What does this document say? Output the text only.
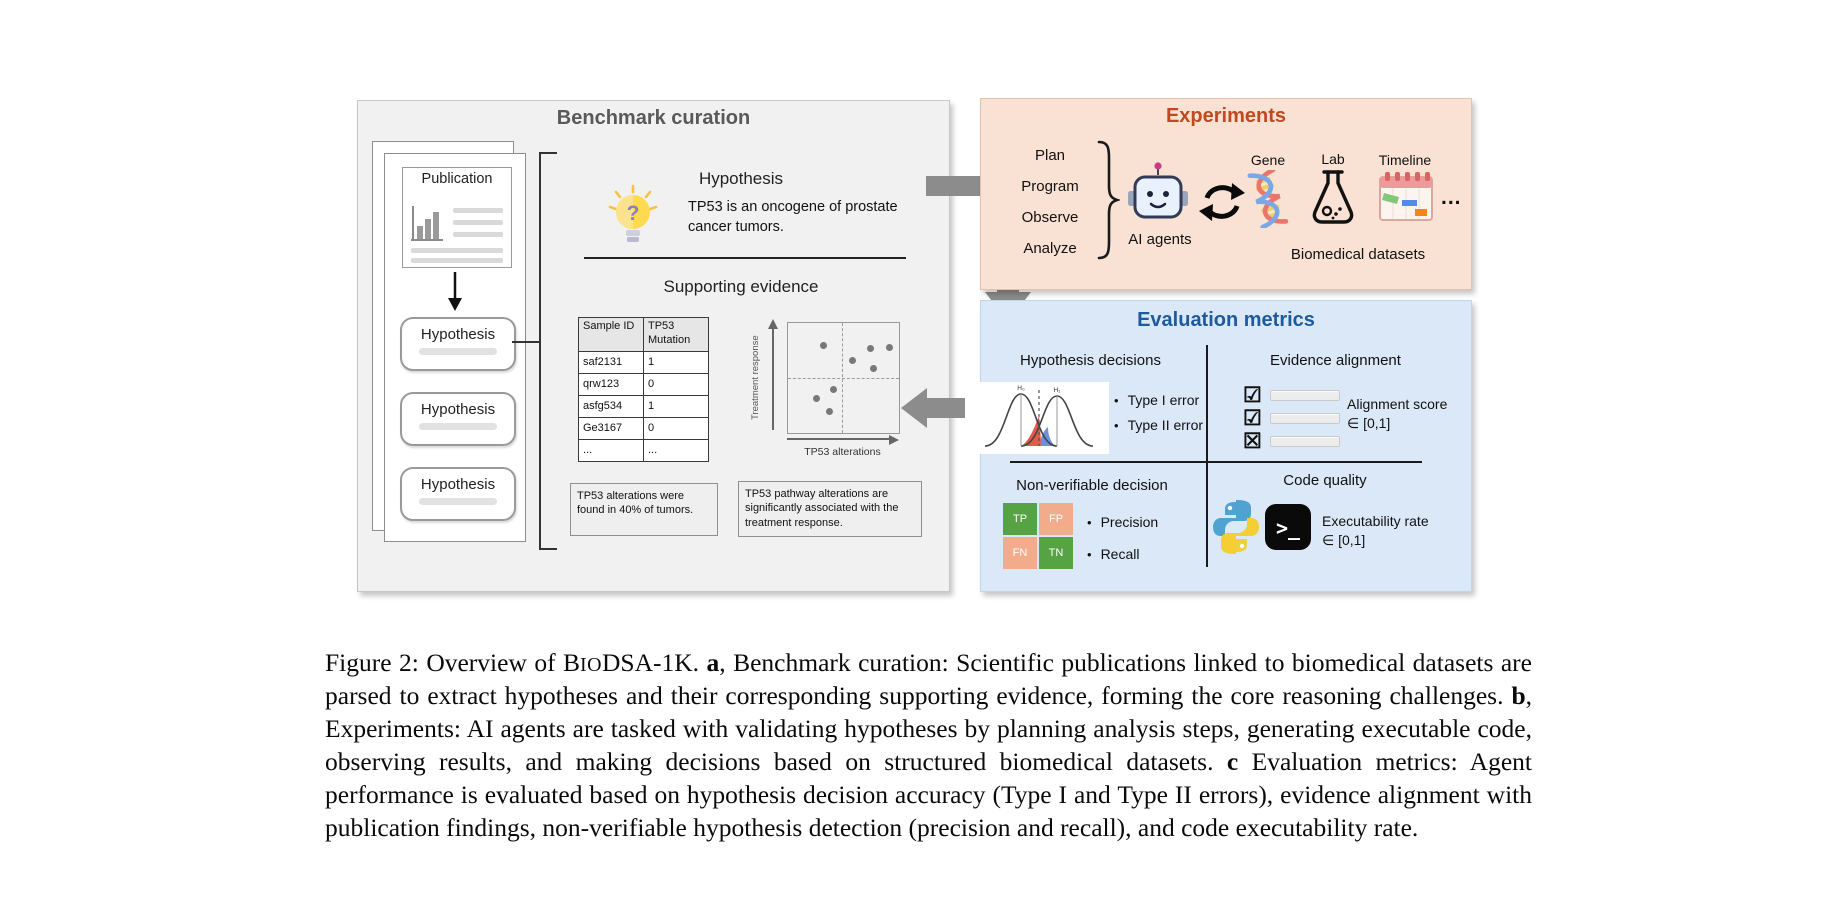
Benchmark curation
Publication
Hypothesis
Hypothesis
Hypothesis
Hypothesis
?	TP53 is an oncogene of prostate cancer tumors.
Supporting evidence
Sample ID	TP53 Mutation
saf2131	1
qrw123	0
asfg534	1
Ge3167	0
...	...
Treatment response
TP53 alterations
TP53 alterations were found in 40% of tumors.
TP53 pathway alterations are significantly associated with the treatment response.
Experiments
Plan
Program
Observe
Analyze
AI agents
Gene	Lab	Timeline
...
Biomedical datasets
Evaluation metrics
Hypothesis decisions
H₀	H₁
• Type I error
• Type II error
Evidence alignment
☑
☑
☒
Alignment score
∈ [0,1]
Non-verifiable decision
TP	FP
FN	TN
• Precision
• Recall
Code quality
>_ Executability rate
∈ [0,1]

Figure 2: Overview of BIODSA-1K. a, Benchmark curation: Scientific publications linked to biomedical datasets are parsed to extract hypotheses and their corresponding supporting evidence, forming the core reasoning challenges. b, Experiments: AI agents are tasked with validating hypotheses by planning analysis steps, generating executable code, observing results, and making decisions based on structured biomedical datasets. c Evaluation metrics: Agent performance is evaluated based on hypothesis decision accuracy (Type I and Type II errors), evidence alignment with publication findings, non-verifiable hypothesis detection (precision and recall), and code executability rate.
